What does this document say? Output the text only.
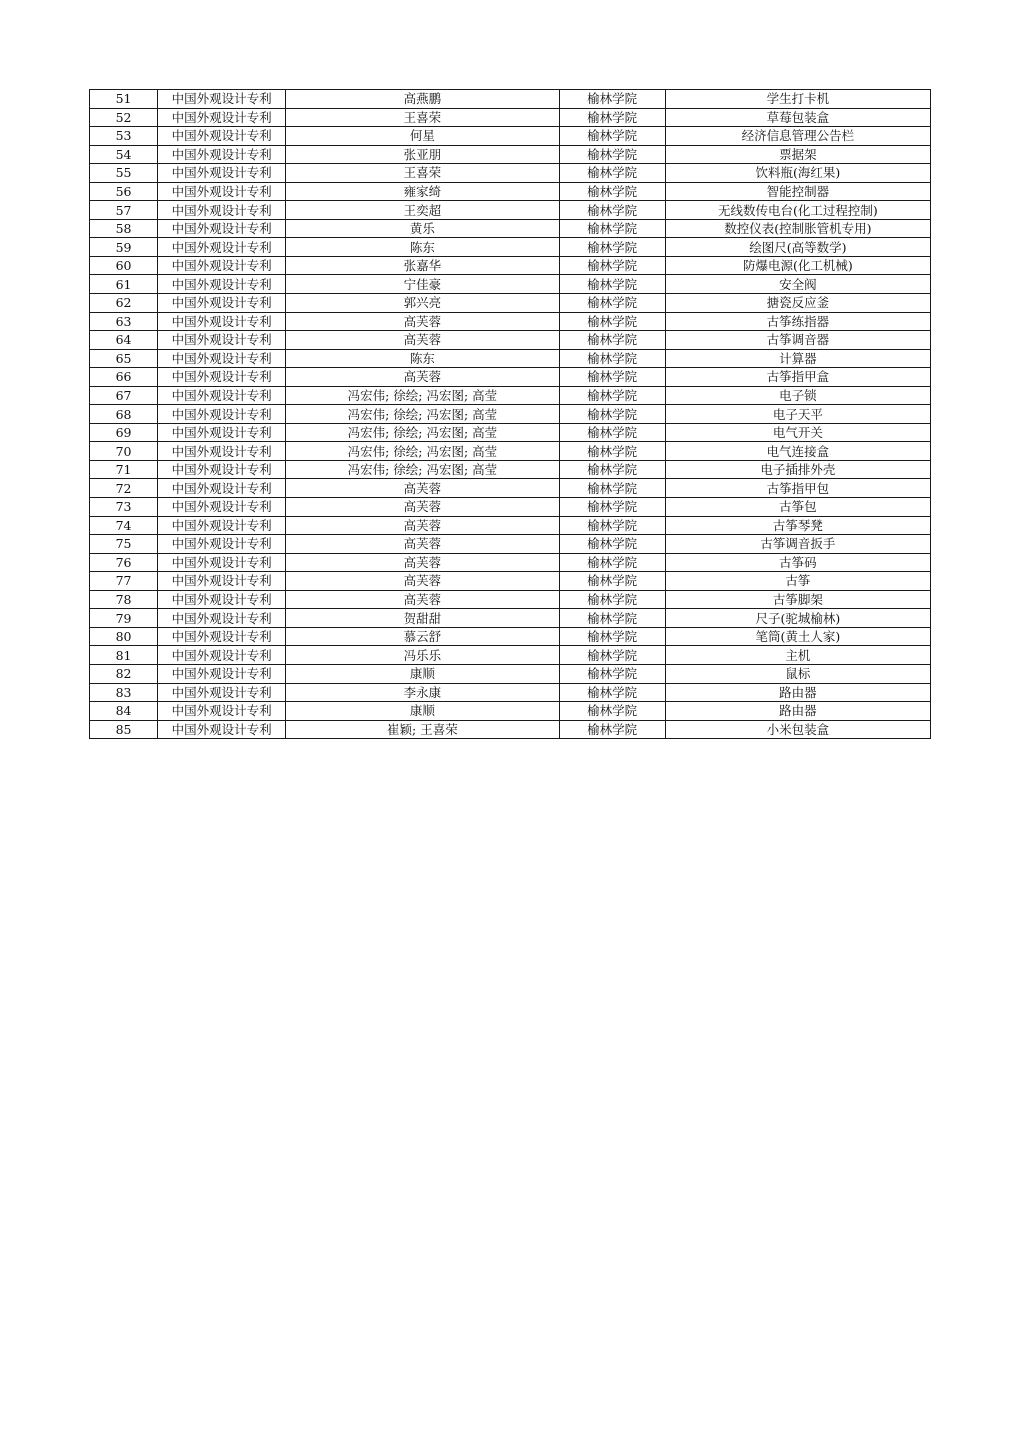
51	中国外观设计专利	高燕鹏	榆林学院	学生打卡机
52	中国外观设计专利	王喜荣	榆林学院	草莓包装盒
53	中国外观设计专利	何星	榆林学院	经济信息管理公告栏
54	中国外观设计专利	张亚朋	榆林学院	票据架
55	中国外观设计专利	王喜荣	榆林学院	饮料瓶(海红果)
56	中国外观设计专利	雍家绮	榆林学院	智能控制器
57	中国外观设计专利	王奕超	榆林学院	无线数传电台(化工过程控制)
58	中国外观设计专利	黄乐	榆林学院	数控仪表(控制胀管机专用)
59	中国外观设计专利	陈东	榆林学院	绘图尺(高等数学)
60	中国外观设计专利	张嘉华	榆林学院	防爆电源(化工机械)
61	中国外观设计专利	宁佳豪	榆林学院	安全阀
62	中国外观设计专利	郭兴亮	榆林学院	搪瓷反应釜
63	中国外观设计专利	高芙蓉	榆林学院	古筝练指器
64	中国外观设计专利	高芙蓉	榆林学院	古筝调音器
65	中国外观设计专利	陈东	榆林学院	计算器
66	中国外观设计专利	高芙蓉	榆林学院	古筝指甲盒
67	中国外观设计专利	冯宏伟; 徐绘; 冯宏图; 高莹	榆林学院	电子锁
68	中国外观设计专利	冯宏伟; 徐绘; 冯宏图; 高莹	榆林学院	电子天平
69	中国外观设计专利	冯宏伟; 徐绘; 冯宏图; 高莹	榆林学院	电气开关
70	中国外观设计专利	冯宏伟; 徐绘; 冯宏图; 高莹	榆林学院	电气连接盒
71	中国外观设计专利	冯宏伟; 徐绘; 冯宏图; 高莹	榆林学院	电子插排外壳
72	中国外观设计专利	高芙蓉	榆林学院	古筝指甲包
73	中国外观设计专利	高芙蓉	榆林学院	古筝包
74	中国外观设计专利	高芙蓉	榆林学院	古筝琴凳
75	中国外观设计专利	高芙蓉	榆林学院	古筝调音扳手
76	中国外观设计专利	高芙蓉	榆林学院	古筝码
77	中国外观设计专利	高芙蓉	榆林学院	古筝
78	中国外观设计专利	高芙蓉	榆林学院	古筝脚架
79	中国外观设计专利	贺甜甜	榆林学院	尺子(驼城榆林)
80	中国外观设计专利	慕云舒	榆林学院	笔筒(黄土人家)
81	中国外观设计专利	冯乐乐	榆林学院	主机
82	中国外观设计专利	康顺	榆林学院	鼠标
83	中国外观设计专利	李永康	榆林学院	路由器
84	中国外观设计专利	康顺	榆林学院	路由器
85	中国外观设计专利	崔颖; 王喜荣	榆林学院	小米包装盒
